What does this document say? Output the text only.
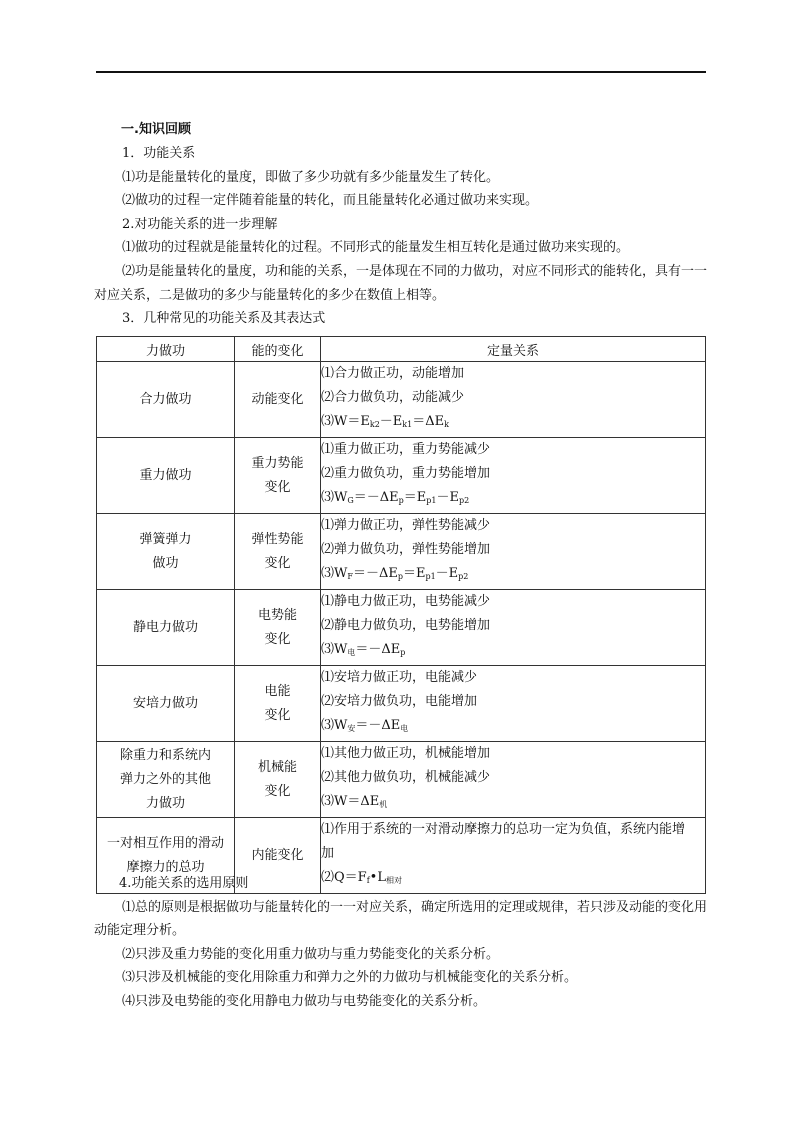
一.知识回顾

1．功能关系

⑴功是能量转化的量度，即做了多少功就有多少能量发生了转化。

⑵做功的过程一定伴随着能量的转化，而且能量转化必通过做功来实现。

2.对功能关系的进一步理解

⑴做功的过程就是能量转化的过程。不同形式的能量发生相互转化是通过做功来实现的。

⑵功是能量转化的量度，功和能的关系，一是体现在不同的力做功，对应不同形式的能转化，具有一一对应关系，二是做功的多少与能量转化的多少在数值上相等。

3．几种常见的功能关系及其表达式

力做功	能的变化	定量关系
合力做功	动能变化	⑴合力做正功，动能增加
⑵合力做负功，动能减少
$⑶W=E_{k2}-E_{k1}=\Delta E_k$

重力做功	重力势能变化	⑴重力做正功，重力势能减少
⑵重力做负功，重力势能增加
$⑶W_G=-\Delta E_p=E_{p1}-E_{p2}$

弹簧弹力做功	弹性势能变化	⑴弹力做正功，弹性势能减少
⑵弹力做负功，弹性势能增加
$⑶W_F=-\Delta E_p=E_{p1}-E_{p2}$

静电力做功	电势能变化	⑴静电力做正功，电势能减少
⑵静电力做负功，电势能增加
$⑶W_电=-\Delta E_p$

安培力做功	电能变化	⑴安培力做正功，电能减少
⑵安培力做负功，电能增加
$⑶W_安=-\Delta E_电$

除重力和系统内弹力之外的其他力做功	机械能变化	⑴其他力做正功，机械能增加
⑵其他力做负功，机械能减少
$⑶W=\Delta E_机$

一对相互作用的滑动摩擦力的总功	内能变化	⑴作用于系统的一对滑动摩擦力的总功一定为负值，系统内能增加
$⑵Q=F_f•L_{相对}$

4.功能关系的选用原则

⑴总的原则是根据做功与能量转化的一一对应关系，确定所选用的定理或规律，若只涉及动能的变化用动能定理分析。

⑵只涉及重力势能的变化用重力做功与重力势能变化的关系分析。

⑶只涉及机械能的变化用除重力和弹力之外的力做功与机械能变化的关系分析。

⑷只涉及电势能的变化用静电力做功与电势能变化的关系分析。
